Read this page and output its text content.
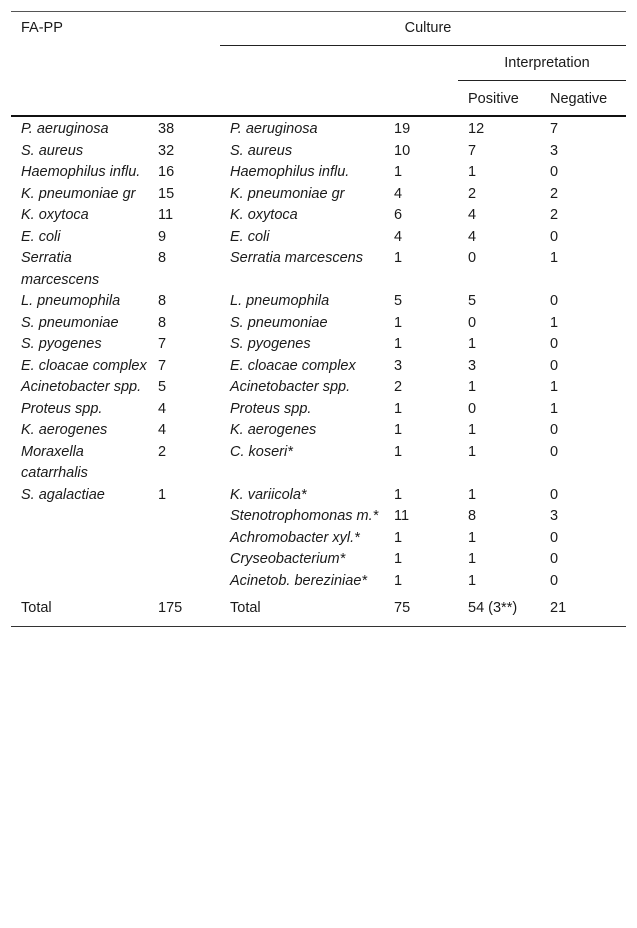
FA-PP		Culture			
				Interpretation	
				Positive	Negative
P. aeruginosa	38	P. aeruginosa	19	12	7
S. aureus	32	S. aureus	10	7	3
Haemophilus influ.	16	Haemophilus influ.	1	1	0
K. pneumoniae gr	15	K. pneumoniae gr	4	2	2
K. oxytoca	11	K. oxytoca	6	4	2
E. coli	9	E. coli	4	4	0
Serratia marcescens	8	Serratia marcescens	1	0	1
L. pneumophila	8	L. pneumophila	5	5	0
S. pneumoniae	8	S. pneumoniae	1	0	1
S. pyogenes	7	S. pyogenes	1	1	0
E. cloacae complex	7	E. cloacae complex	3	3	0
Acinetobacter spp.	5	Acinetobacter spp.	2	1	1
Proteus spp.	4	Proteus spp.	1	0	1
K. aerogenes	4	K. aerogenes	1	1	0
Moraxella catarrhalis	2	C. koseri*	1	1	0
S. agalactiae	1	K. variicola*	1	1	0
		Stenotrophomonas m.*	11	8	3
		Achromobacter xyl.*	1	1	0
		Cryseobacterium*	1	1	0
		Acinetob. bereziniae*	1	1	0
Total	175	Total	75	54 (3**)	21
